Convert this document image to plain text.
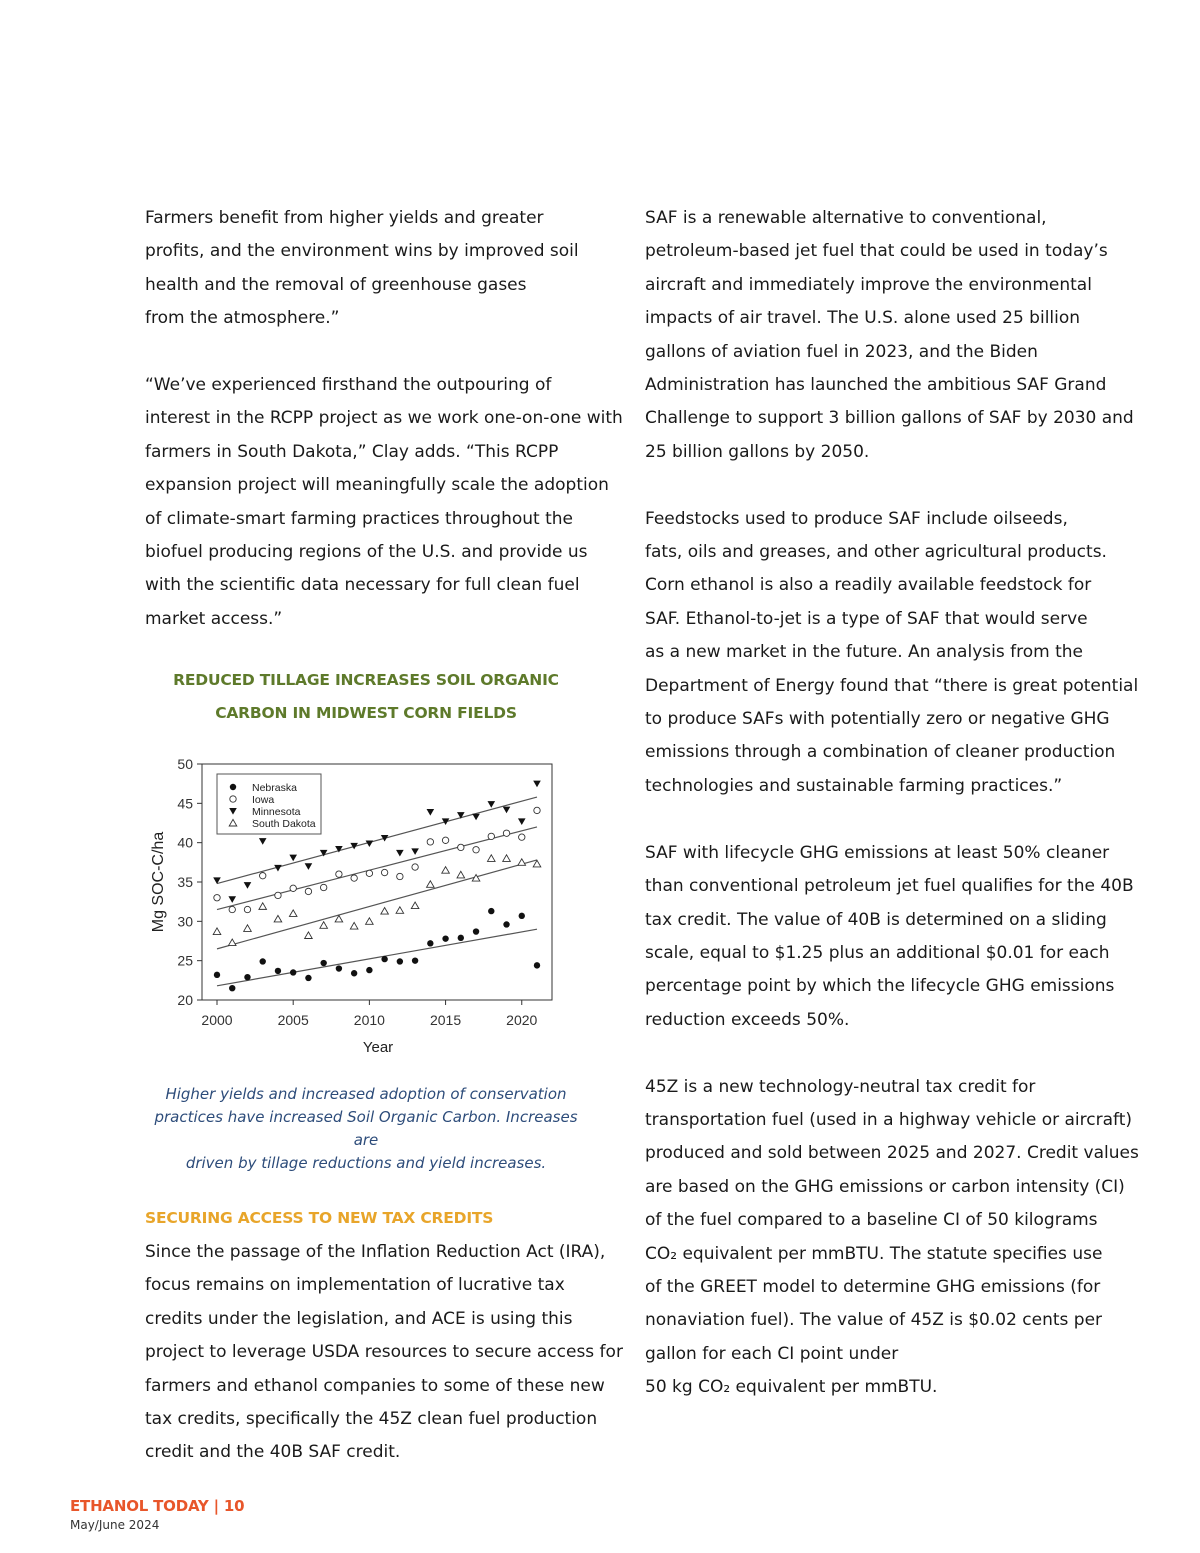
Farmers benefit from higher yields and greater
profits, and the environment wins by improved soil
health and the removal of greenhouse gases
from the atmosphere.”

“We’ve experienced firsthand the outpouring of
interest in the RCPP project as we work one-on-one with
farmers in South Dakota,” Clay adds. “This RCPP
expansion project will meaningfully scale the adoption
of climate-smart farming practices throughout the
biofuel producing regions of the U.S. and provide us
with the scientific data necessary for full clean fuel
market access.”

REDUCED TILLAGE INCREASES SOIL ORGANIC
CARBON IN MIDWEST CORN FIELDS
20
25
30
35
40
45
50
2000	2005	2010	2015	2020
Year
Mg SOC-C/ha
Nebraska
Iowa
Minnesota
South Dakota
Higher yields and increased adoption of conservation
practices have increased Soil Organic Carbon. Increases are
driven by tillage reductions and yield increases.
SECURING ACCESS TO NEW TAX CREDITS

Since the passage of the Inflation Reduction Act (IRA),
focus remains on implementation of lucrative tax
credits under the legislation, and ACE is using this
project to leverage USDA resources to secure access for
farmers and ethanol companies to some of these new
tax credits, specifically the 45Z clean fuel production
credit and the 40B SAF credit.

SAF is a renewable alternative to conventional,
petroleum-based jet fuel that could be used in today’s
aircraft and immediately improve the environmental
impacts of air travel. The U.S. alone used 25 billion
gallons of aviation fuel in 2023, and the Biden
Administration has launched the ambitious SAF Grand
Challenge to support 3 billion gallons of SAF by 2030 and
25 billion gallons by 2050.

Feedstocks used to produce SAF include oilseeds,
fats, oils and greases, and other agricultural products.
Corn ethanol is also a readily available feedstock for
SAF. Ethanol-to-jet is a type of SAF that would serve
as a new market in the future. An analysis from the
Department of Energy found that “there is great potential
to produce SAFs with potentially zero or negative GHG
emissions through a combination of cleaner production
technologies and sustainable farming practices.”

SAF with lifecycle GHG emissions at least 50% cleaner
than conventional petroleum jet fuel qualifies for the 40B
tax credit. The value of 40B is determined on a sliding
scale, equal to $1.25 plus an additional $0.01 for each
percentage point by which the lifecycle GHG emissions
reduction exceeds 50%.

45Z is a new technology-neutral tax credit for
transportation fuel (used in a highway vehicle or aircraft)
produced and sold between 2025 and 2027. Credit values
are based on the GHG emissions or carbon intensity (CI)
of the fuel compared to a baseline CI of 50 kilograms
CO₂ equivalent per mmBTU. The statute specifies use
of the GREET model to determine GHG emissions (for
nonaviation fuel). The value of 45Z is $0.02 cents per
gallon for each CI point under
50 kg CO₂ equivalent per mmBTU.

ETHANOL TODAY | 10
May/June 2024
